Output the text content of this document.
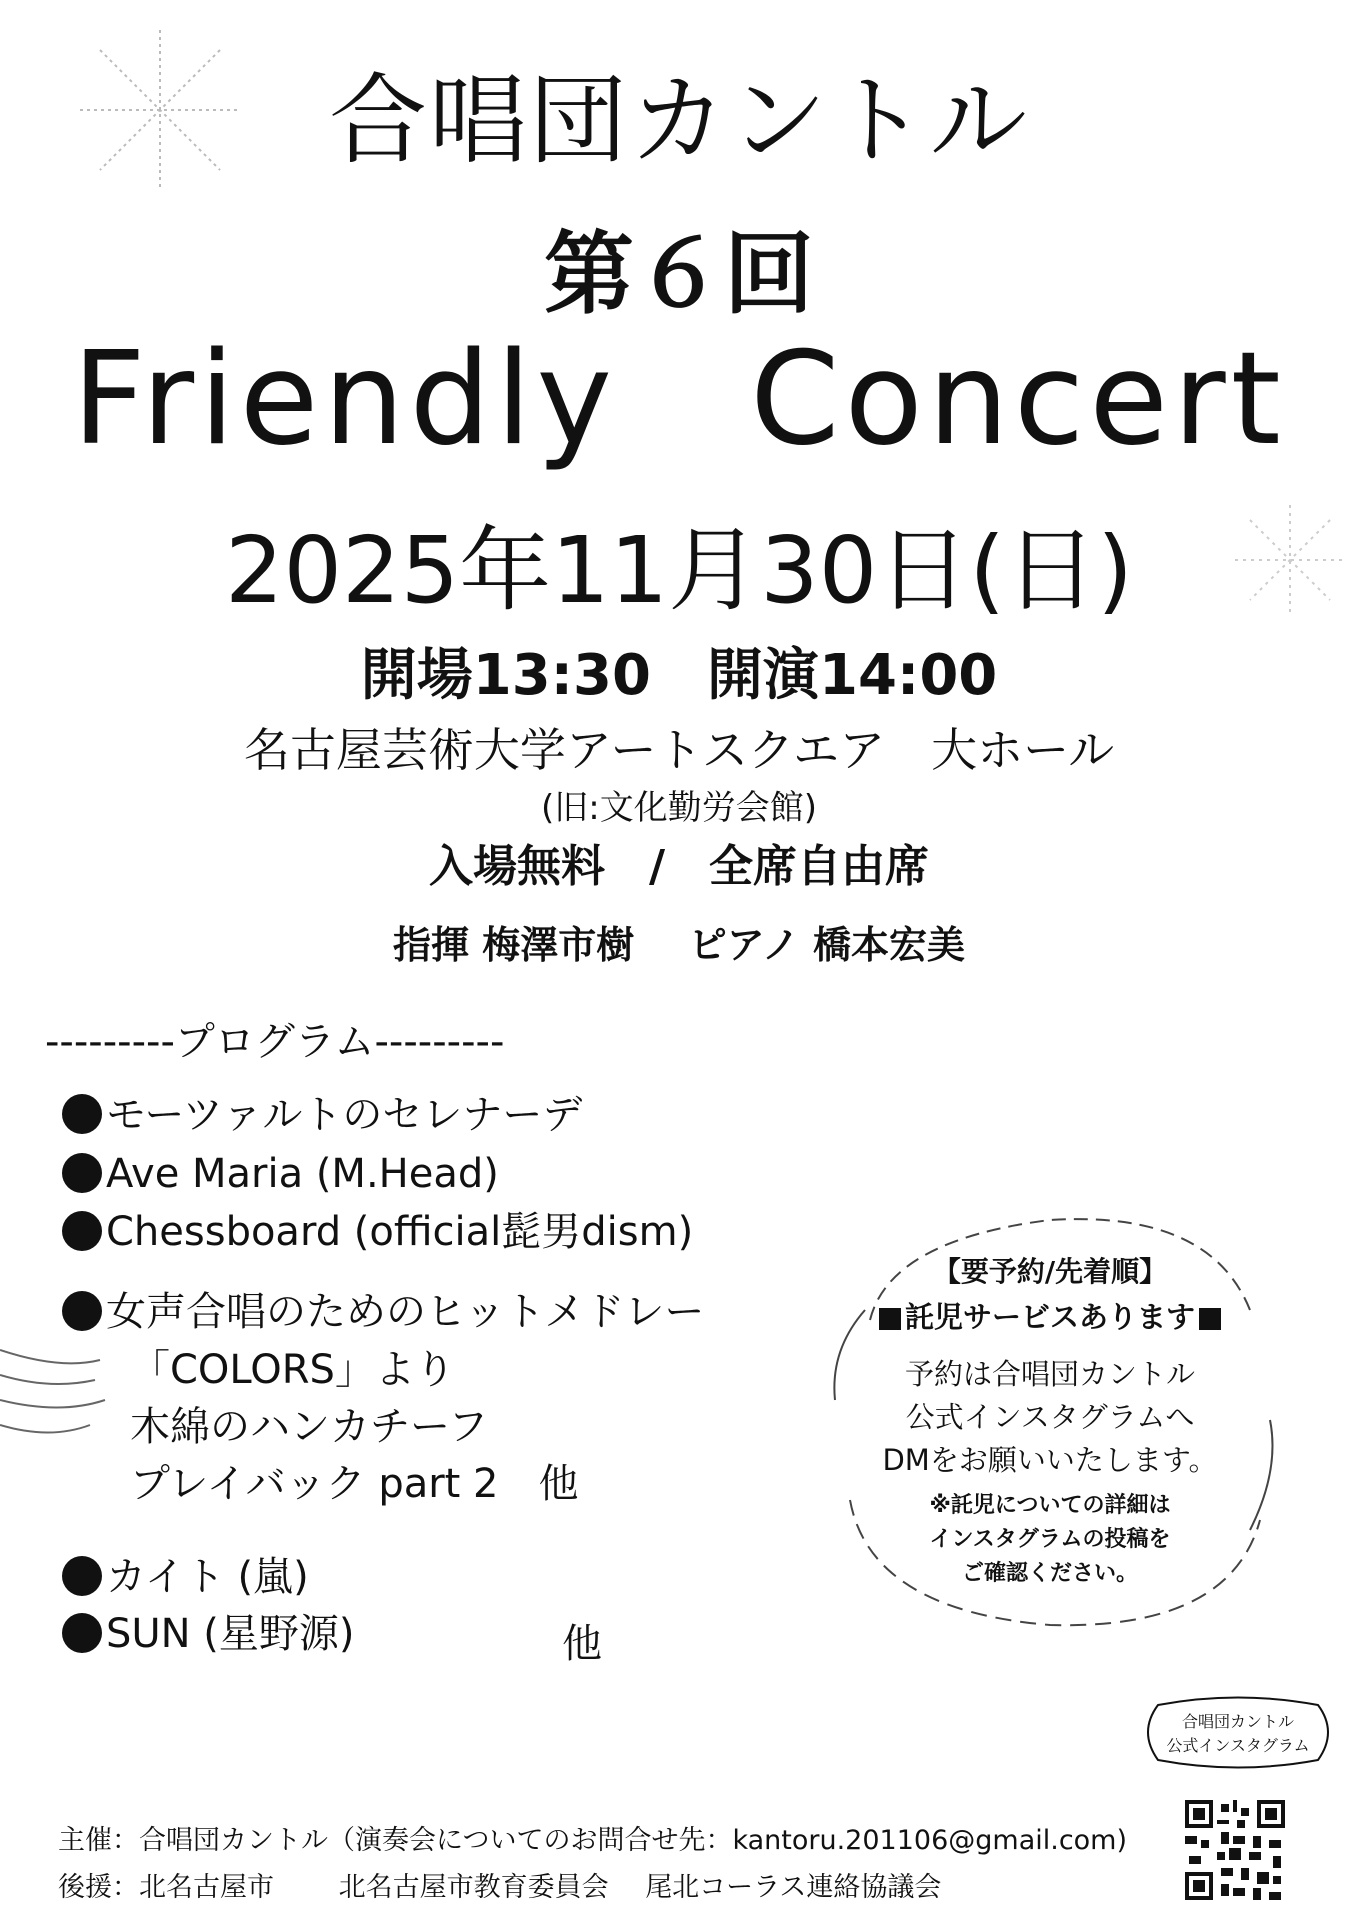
合唱団カントル
第６回
Friendly　Concert
2025年11月30日(日)
開場13:30　開演14:00
名古屋芸術大学アートスクエア　大ホール
(旧:文化勤労会館)
入場無料　/　全席自由席
指揮 梅澤市樹 ピアノ 橋本宏美
---------プログラム---------
モーツァルトのセレナーデ
Ave Maria (M.Head)
Chessboard (official髭男dism)
女声合唱のためのヒットメドレー
「COLORS」より
木綿のハンカチーフ
プレイバック part 2　他
カイト (嵐)
SUN (星野源)	他
【要予約/先着順】
託児サービスあります
予約は合唱団カントル
公式インスタグラムへ
DMをお願いいたします。
※託児についての詳細は
インスタグラムの投稿を
ご確認ください。
合唱団カントル
公式インスタグラム
主催：合唱団カントル（演奏会についてのお問合せ先：kantoru.201106@gmail.com)
後援：北名古屋市 北名古屋市教育委員会 尾北コーラス連絡協議会
